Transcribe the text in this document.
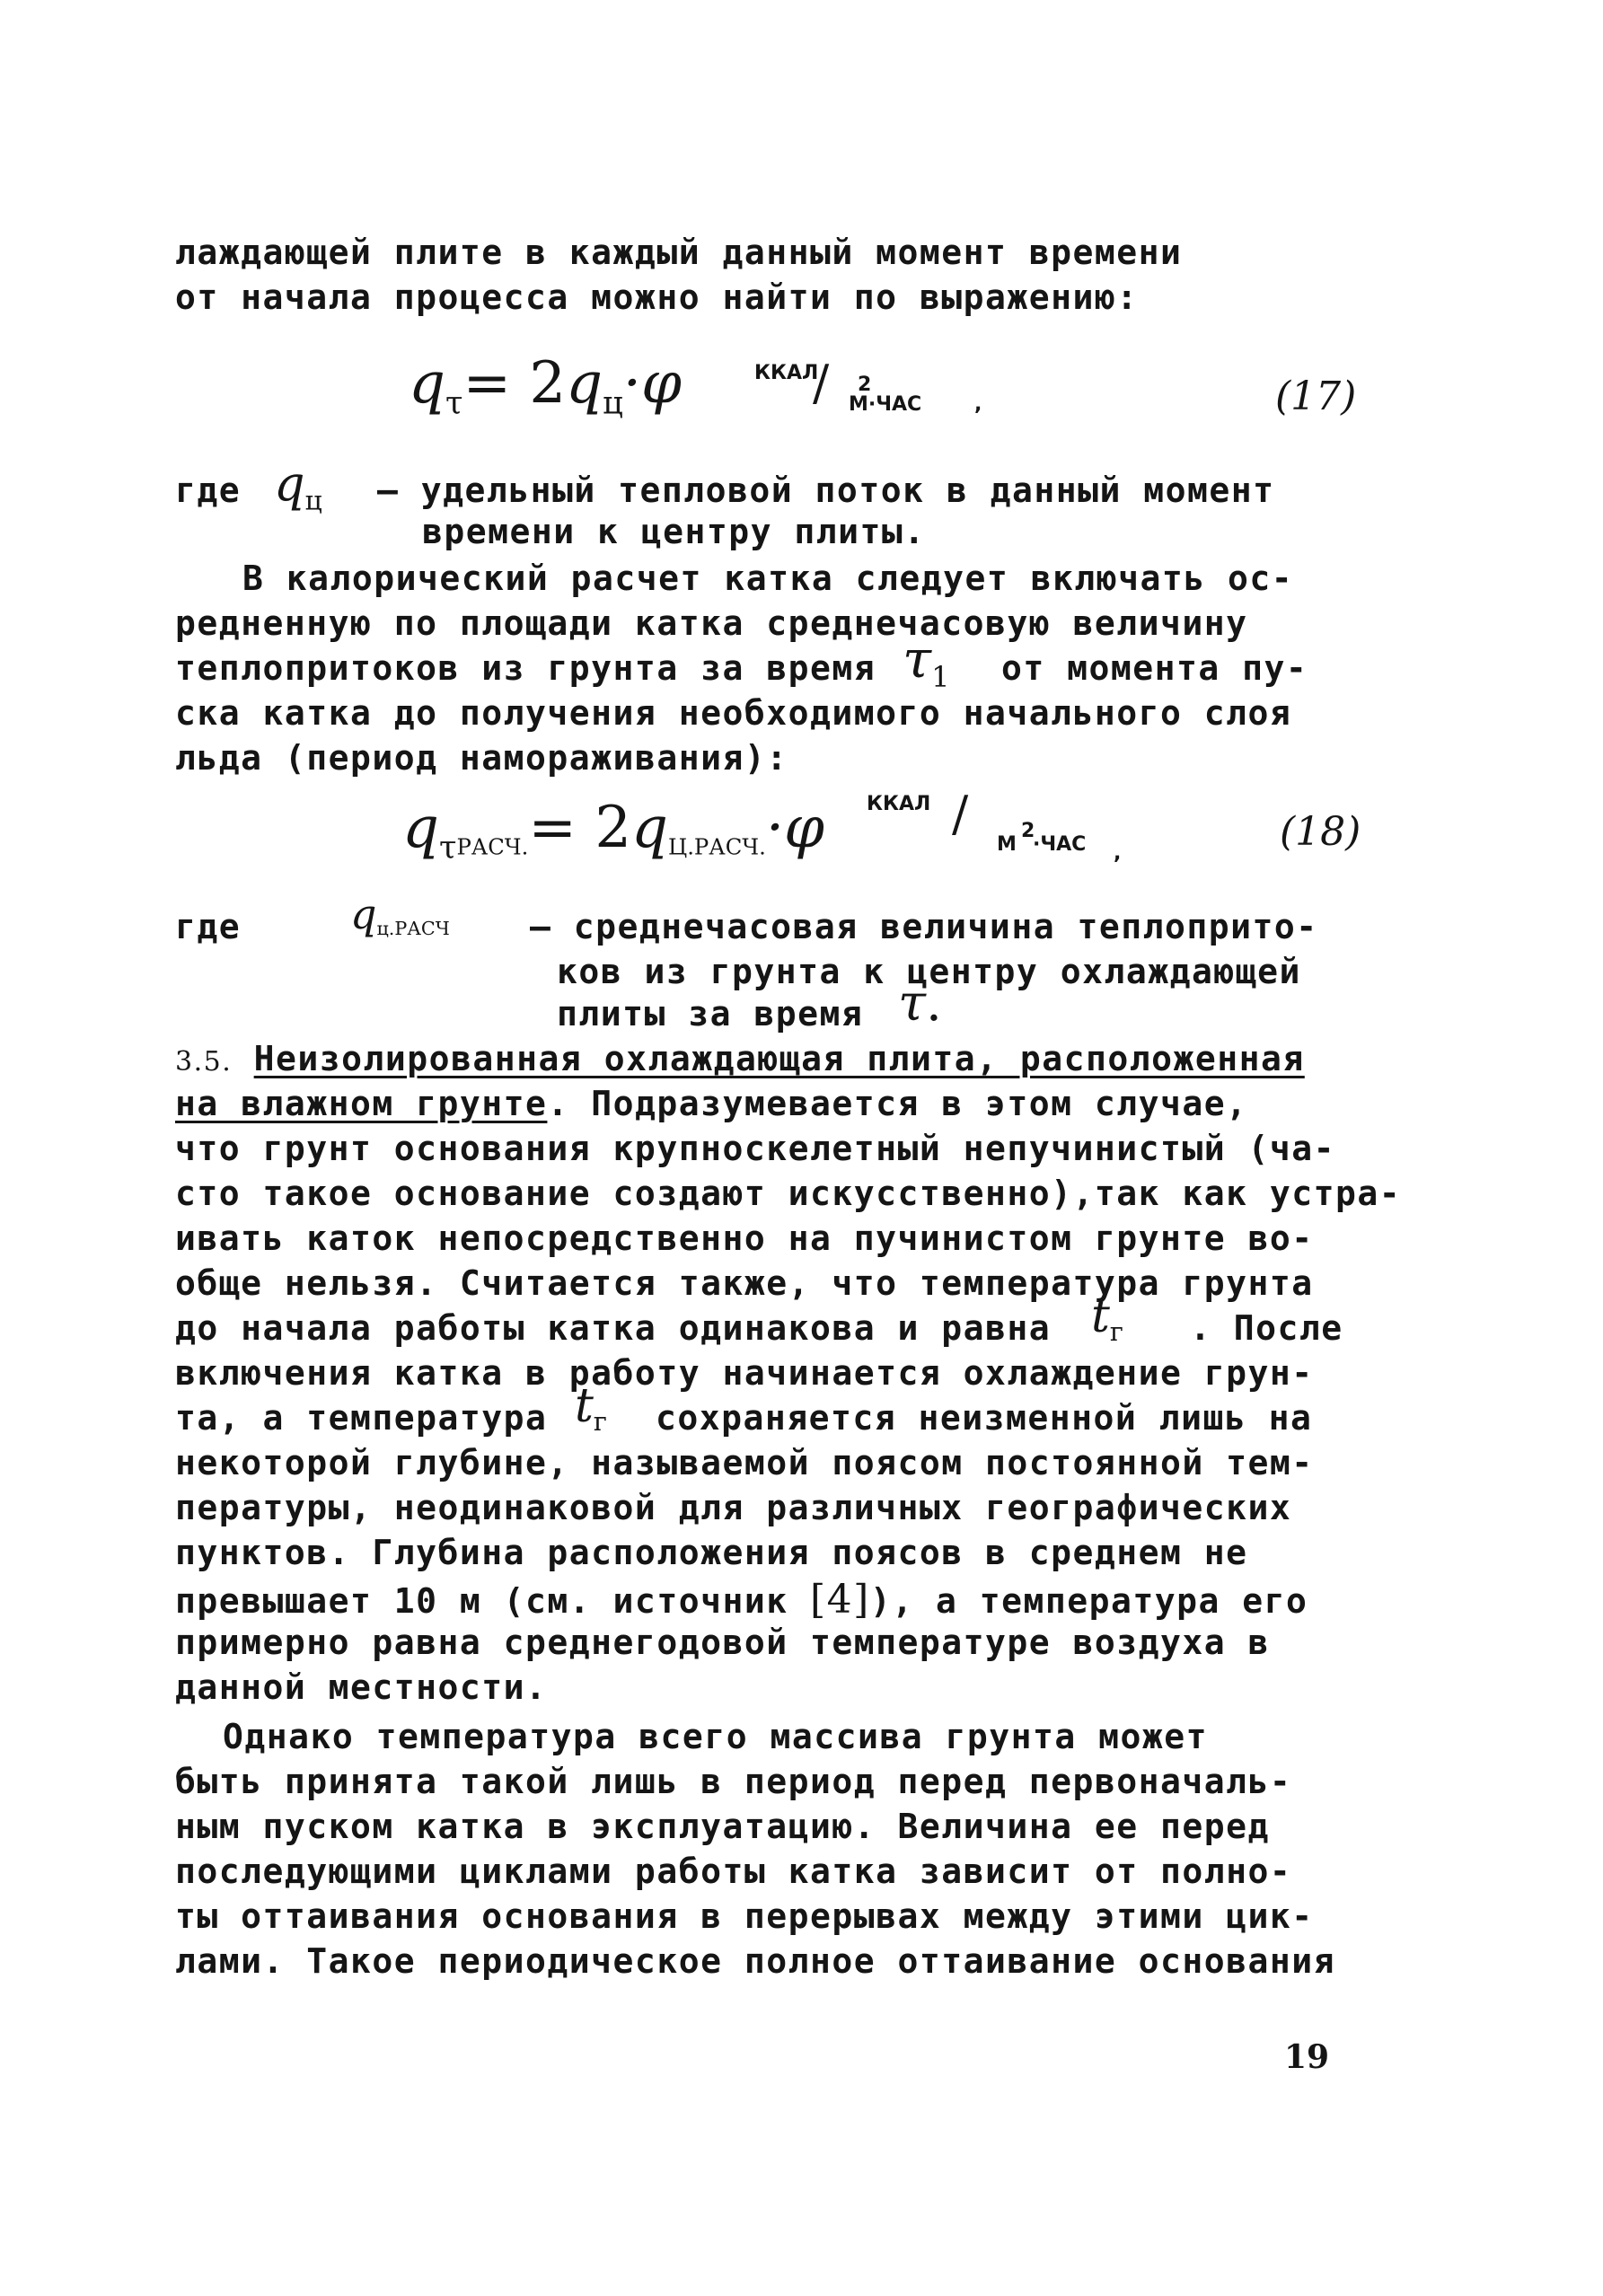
лаждающей плите в каждый данный момент времени
от начала процесса можно найти по выражению:
$q_\tau= 2q_ц\cdot\varphi$	ККАЛ
/ 2
М·ЧАС	,	(17)
где $q_ц$ – удельный тепловой поток в данный момент
времени к центру плиты.
В калорический расчет катка следует включать ос-
редненную по площади катка среднечасовую величину
теплопритоков из грунта за время $\tau_1$ от момента пу-
ска катка до получения необходимого начального слоя
льда (период намораживания):
$q_{\tau РАСЧ.}= 2q_{Ц.РАСЧ.}\cdot\varphi$ ККАЛ /
М
2
·ЧАС ,	(18)
где	$q_{ц.РАСЧ}$ – среднечасовая величина теплоприто-
ков из грунта к центру охлаждающей
плиты за время τ.
3.5. Неизолированная охлаждающая плита, расположенная
на влажном грунте. Подразумевается в этом случае,
что грунт основания крупноскелетный непучинистый (ча-
сто такое основание создают искусственно),так как устра-
ивать каток непосредственно на пучинистом грунте во-
обще нельзя. Считается также, что температура грунта
до начала работы катка одинакова и равна $t_г$ . После
включения катка в работу начинается охлаждение грун-
та, а температура $t_г$ сохраняется неизменной лишь на
некоторой глубине, называемой поясом постоянной тем-
пературы, неодинаковой для различных географических
пунктов. Глубина расположения поясов в среднем не
превышает 10 м (см. источник [4]), а температура его
примерно равна среднегодовой температуре воздуха в
данной местности.
Однако температура всего массива грунта может
быть принята такой лишь в период перед первоначаль-
ным пуском катка в эксплуатацию. Величина ее перед
последующими циклами работы катка зависит от полно-
ты оттаивания основания в перерывах между этими цик-
лами. Такое периодическое полное оттаивание основания
19
